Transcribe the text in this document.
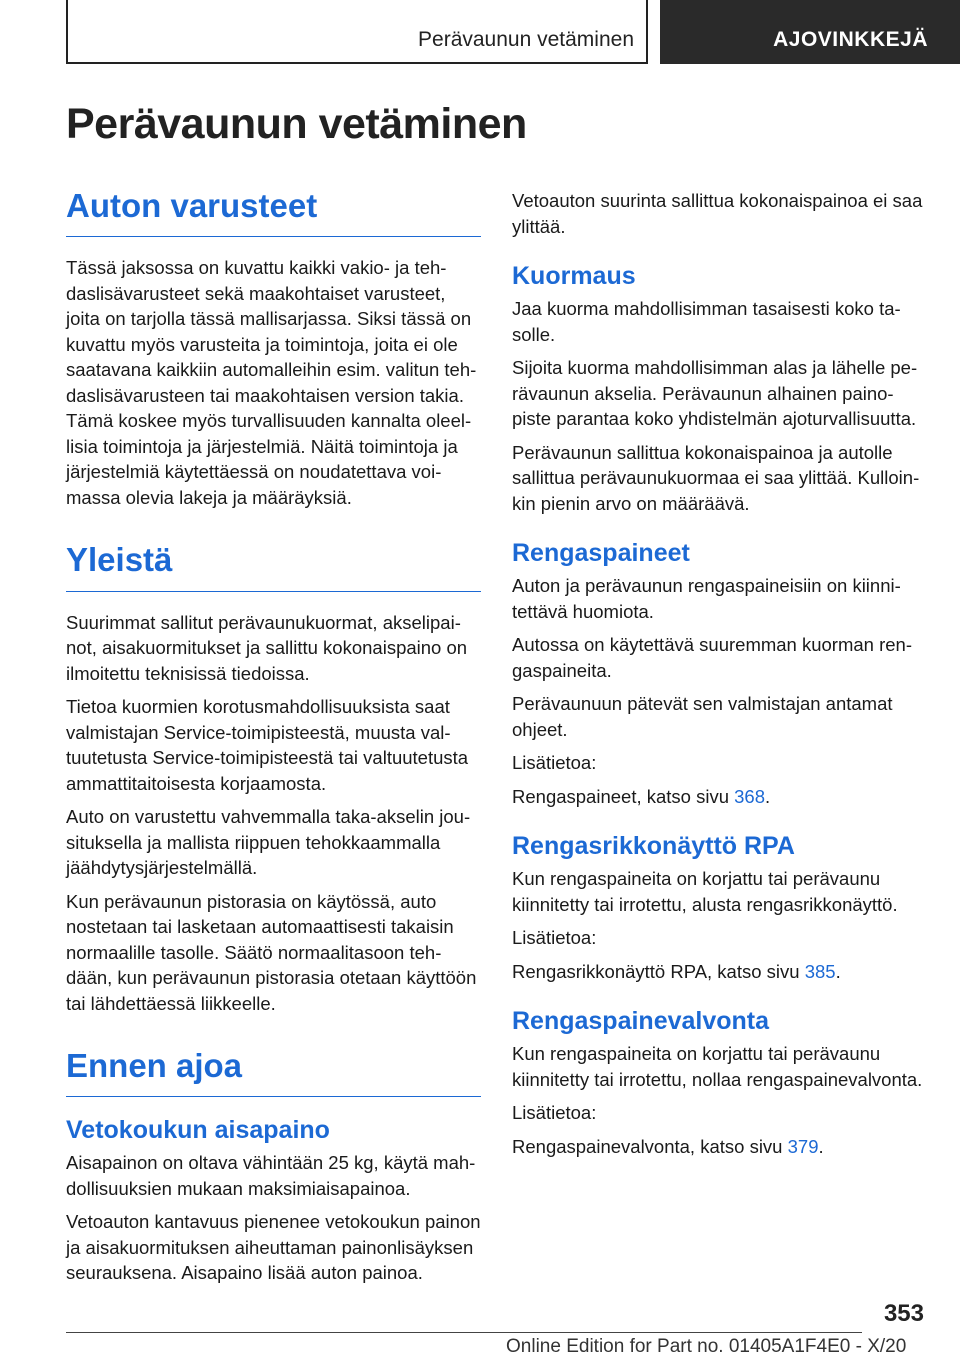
Perävaunun vetäminen	AJOVINKKEJÄ
Perävaunun vetäminen
Auton varusteet

Tässä jaksossa on kuvattu kaikki vakio- ja tehdaslisävarusteet sekä maakohtaiset varusteet, joita on tarjolla tässä mallisarjassa. Siksi tässä on kuvattu myös varusteita ja toimintoja, joita ei ole saatavana kaikkiin automalleihin esim. valitun tehdaslisävarusteen tai maakohtaisen version takia. Tämä koskee myös turvallisuuden kannalta oleellisia toimintoja ja järjestelmiä. Näitä toimintoja ja järjestelmiä käytettäessä on noudatettava voimassa olevia lakeja ja määräyksiä.

Yleistä

Suurimmat sallitut perävaunukuormat, akselipainot, aisakuormitukset ja sallittu kokonaispaino on ilmoitettu teknisissä tiedoissa.

Tietoa kuormien korotusmahdollisuuksista saat valmistajan Service-toimipisteestä, muusta valtuutetusta Service-toimipisteestä tai valtuutetusta ammattitaitoisesta korjaamosta.

Auto on varustettu vahvemmalla taka-akselin jousituksella ja mallista riippuen tehokkaammalla jäähdytysjärjestelmällä.

Kun perävaunun pistorasia on käytössä, auto nostetaan tai lasketaan automaattisesti takaisin normaalille tasolle. Säätö normaalitasoon tehdään, kun perävaunun pistorasia otetaan käyttöön tai lähdettäessä liikkeelle.

Ennen ajoa
Vetokoukun aisapaino

Aisapainon on oltava vähintään 25 kg, käytä mahdollisuuksien mukaan maksimiaisapainoa.

Vetoauton kantavuus pienenee vetokoukun painon ja aisakuormituksen aiheuttaman painonlisäyksen seurauksena. Aisapaino lisää auton painoa.

Vetoauton suurinta sallittua kokonaispainoa ei saa ylittää.

Kuormaus

Jaa kuorma mahdollisimman tasaisesti koko tasolle.

Sijoita kuorma mahdollisimman alas ja lähelle perävaunun akselia. Perävaunun alhainen painopiste parantaa koko yhdistelmän ajoturvallisuutta.

Perävaunun sallittua kokonaispainoa ja autolle sallittua perävaunukuormaa ei saa ylittää. Kulloinkin pienin arvo on määräävä.

Rengaspaineet

Auton ja perävaunun rengaspaineisiin on kiinnitettävä huomiota.

Autossa on käytettävä suuremman kuorman rengaspaineita.

Perävaunuun pätevät sen valmistajan antamat ohjeet.

Lisätietoa:

Rengaspaineet, katso sivu 368.

Rengasrikkonäyttö RPA

Kun rengaspaineita on korjattu tai perävaunu kiinnitetty tai irrotettu, alusta rengasrikkonäyttö.

Lisätietoa:

Rengasrikkonäyttö RPA, katso sivu 385.

Rengaspainevalvonta

Kun rengaspaineita on korjattu tai perävaunu kiinnitetty tai irrotettu, nollaa rengaspainevalvonta.

Lisätietoa:

Rengaspainevalvonta, katso sivu 379.

353
Online Edition for Part no. 01405A1F4E0 - X/20
